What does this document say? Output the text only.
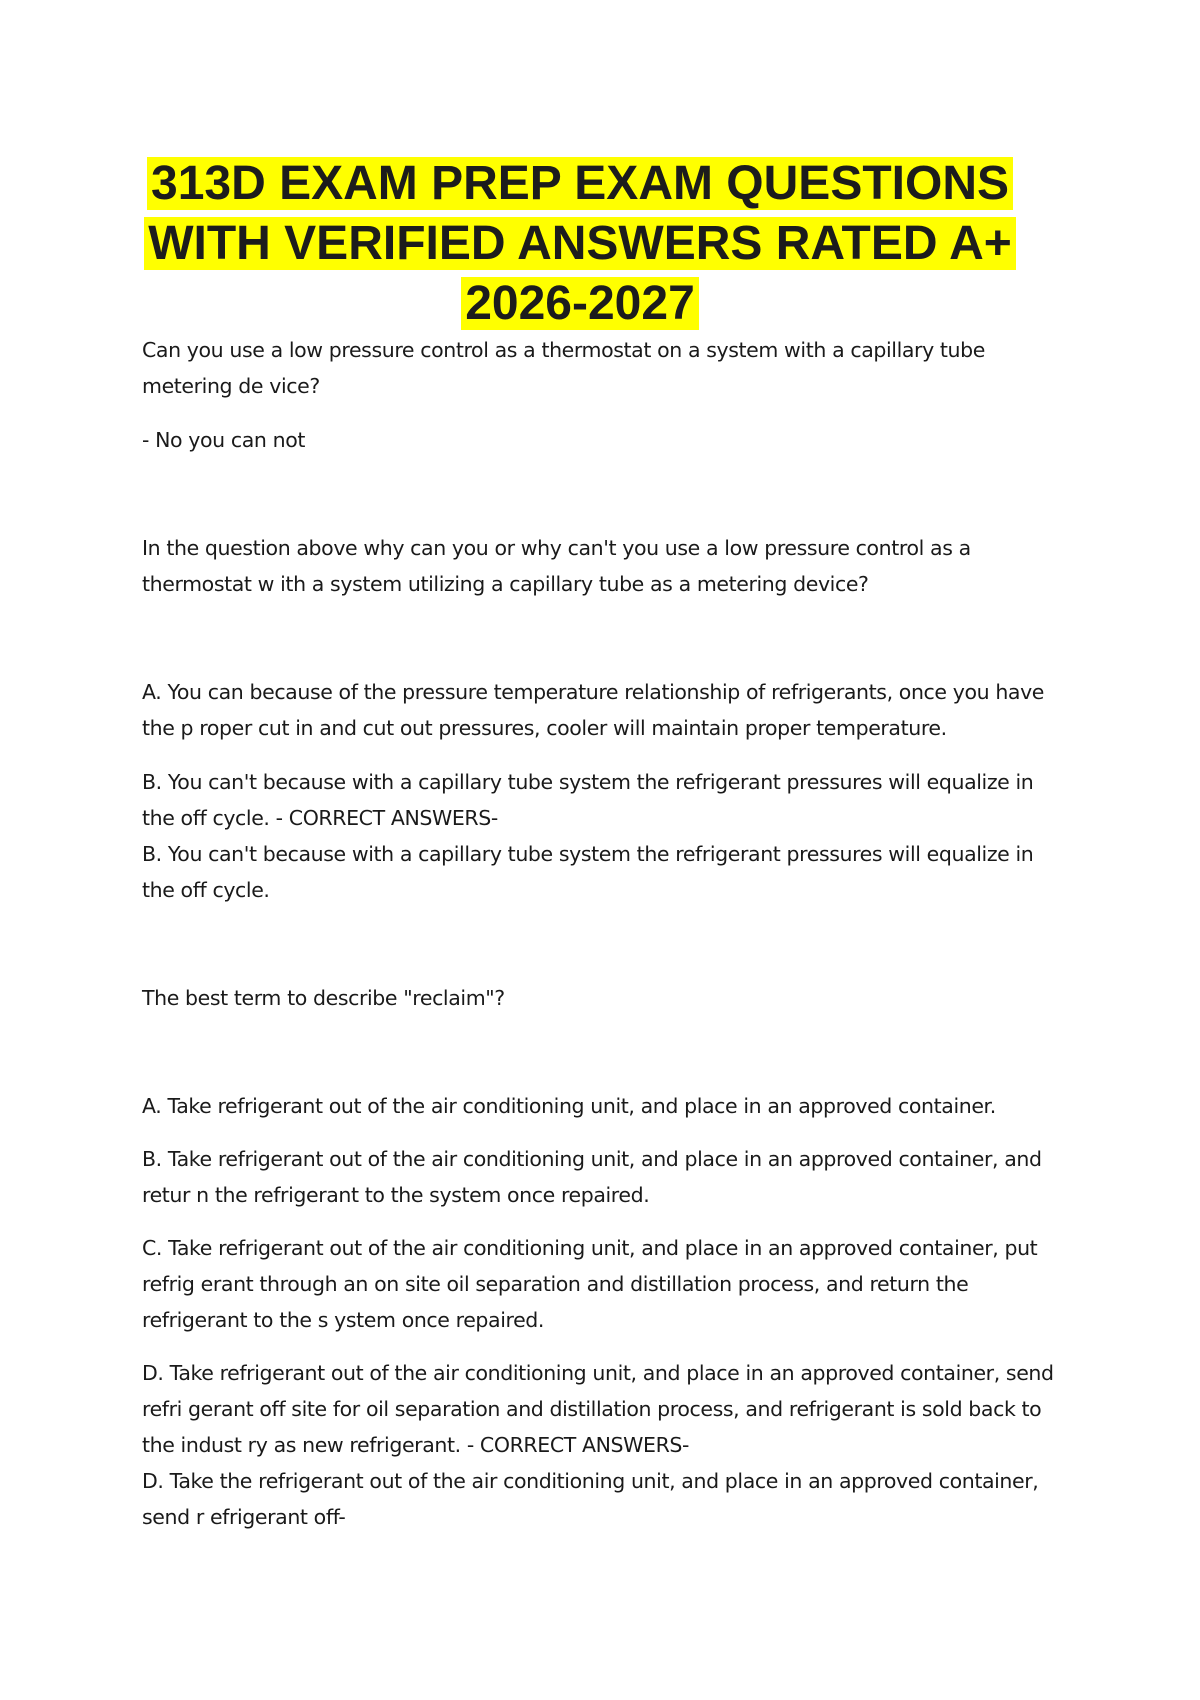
313D EXAM PREP EXAM QUESTIONS
WITH VERIFIED ANSWERS RATED A+
2026-2027

Can you use a low pressure control as a thermostat on a system with a capillary tube metering de vice?

- No you can not

In the question above why can you or why can't you use a low pressure control as a thermostat w ith a system utilizing a capillary tube as a metering device?

A. You can because of the pressure temperature relationship of refrigerants, once you have the p roper cut in and cut out pressures, cooler will maintain proper temperature.

B. You can't because with a capillary tube system the refrigerant pressures will equalize in the off cycle. - CORRECT ANSWERS-

B. You can't because with a capillary tube system the refrigerant pressures will equalize in the off cycle.

The best term to describe "reclaim"?

A. Take refrigerant out of the air conditioning unit, and place in an approved container.

B. Take refrigerant out of the air conditioning unit, and place in an approved container, and retur n the refrigerant to the system once repaired.

C. Take refrigerant out of the air conditioning unit, and place in an approved container, put refrig erant through an on site oil separation and distillation process, and return the refrigerant to the s ystem once repaired.

D. Take refrigerant out of the air conditioning unit, and place in an approved container, send refri gerant off site for oil separation and distillation process, and refrigerant is sold back to the indust ry as new refrigerant. - CORRECT ANSWERS-

D. Take the refrigerant out of the air conditioning unit, and place in an approved container, send r efrigerant off-
